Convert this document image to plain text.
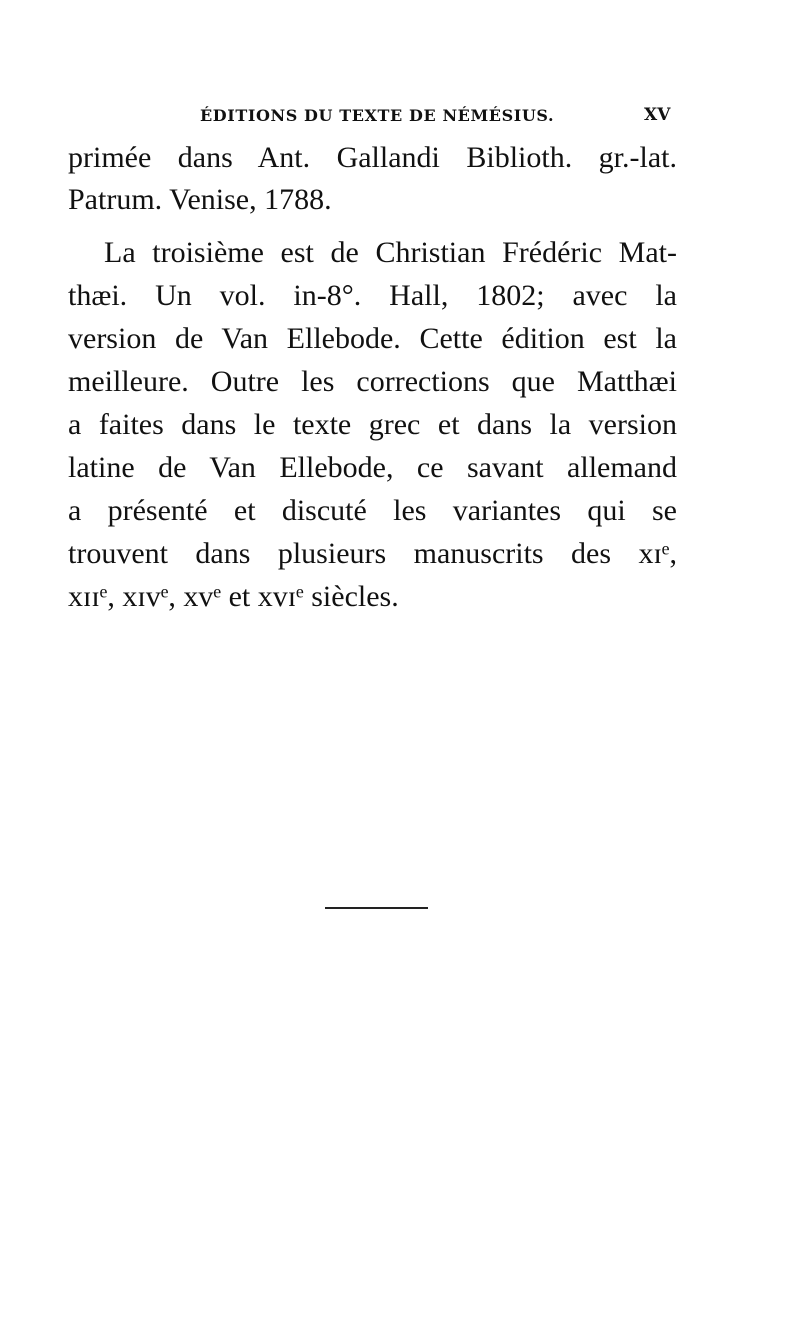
ÉDITIONS DU TEXTE DE NÉMÉSIUS.	XV
primée dans Ant. Gallandi Biblioth. gr.-lat.
Patrum. Venise, 1788.
La troisième est de Christian Frédéric Mat-
thæi. Un vol. in-8°. Hall, 1802; avec la
version de Van Ellebode. Cette édition est la
meilleure. Outre les corrections que Matthæi
a faites dans le texte grec et dans la version
latine de Van Ellebode, ce savant allemand
a présenté et discuté les variantes qui se
trouvent dans plusieurs manuscrits des xɪᵉ,
xɪɪᵉ, xɪvᵉ, xvᵉ et xvɪᵉ siècles.
